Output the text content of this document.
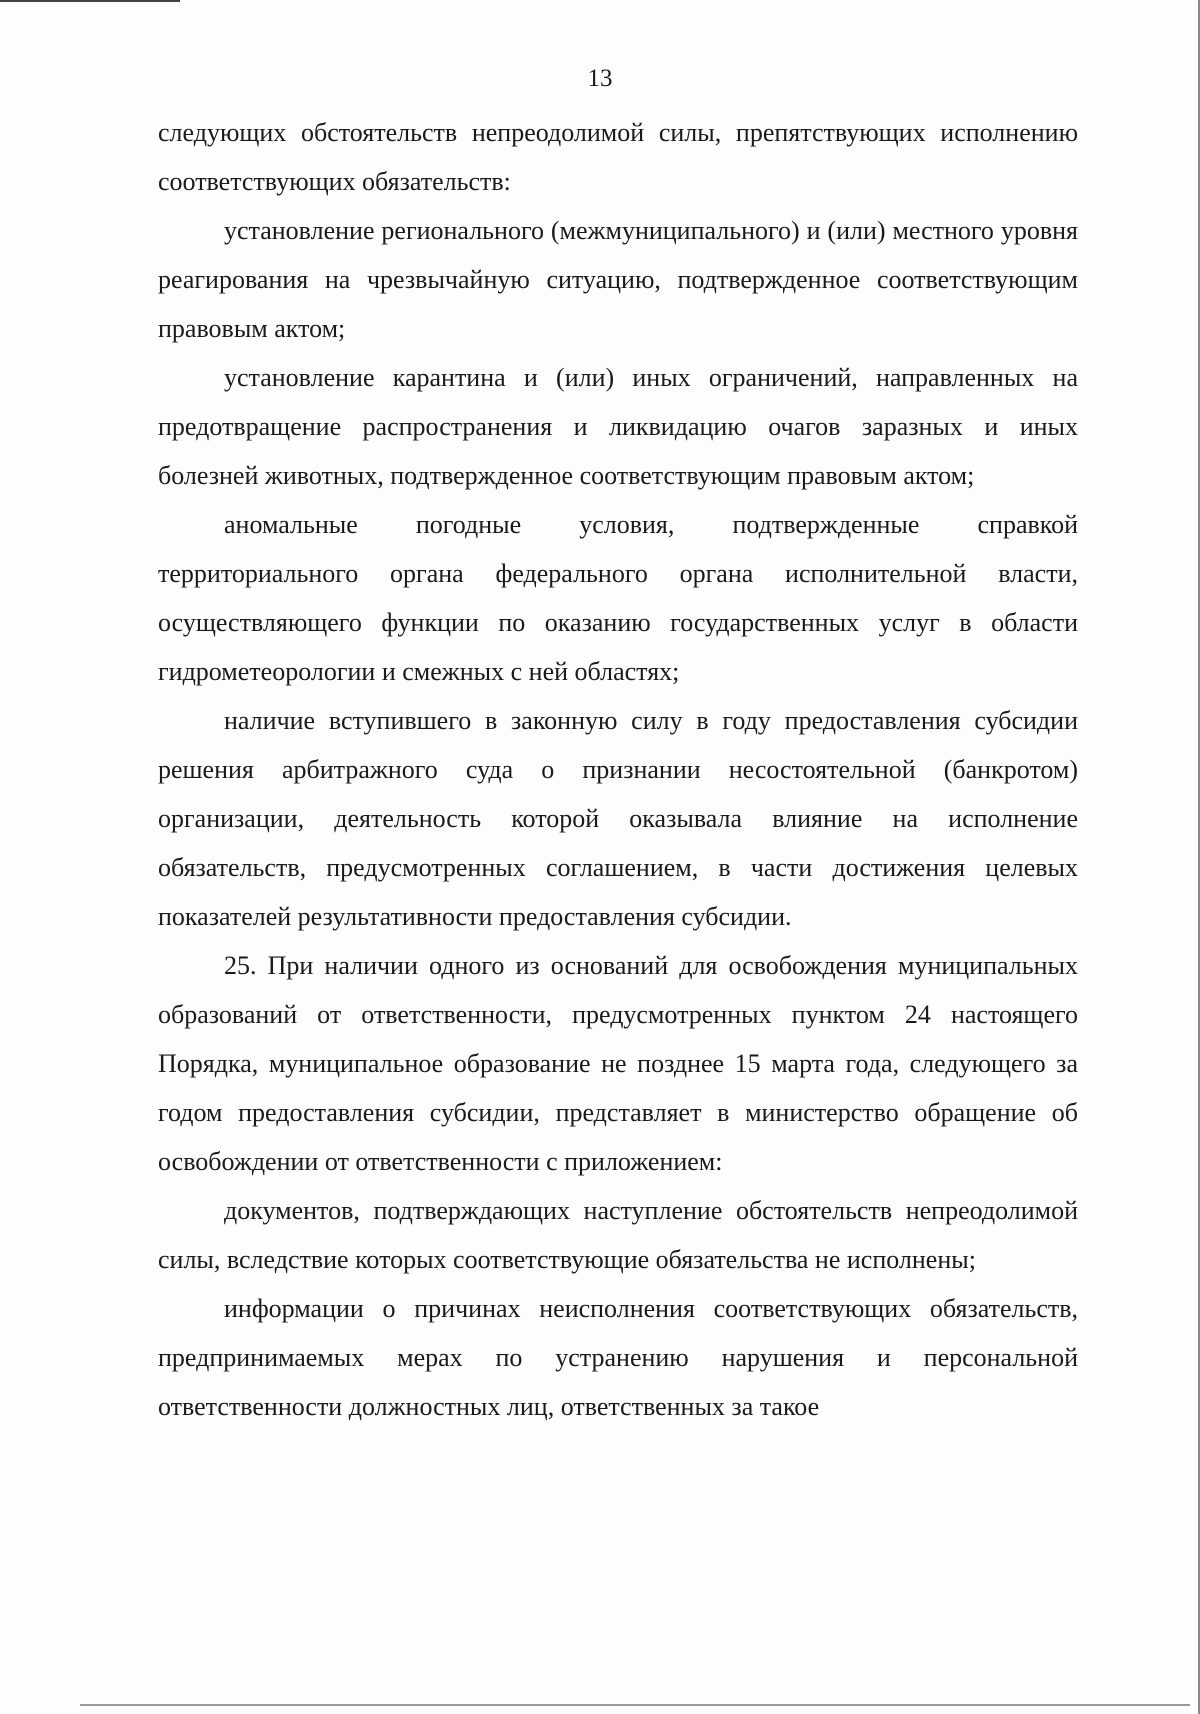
13

следующих обстоятельств непреодолимой силы, препятствующих исполнению соответствующих обязательств:

установление регионального (межмуниципального) и (или) местного уровня реагирования на чрезвычайную ситуацию, подтвержденное соответствующим правовым актом;

установление карантина и (или) иных ограничений, направленных на предотвращение распространения и ликвидацию очагов заразных и иных болезней животных, подтвержденное соответствующим правовым актом;

аномальные погодные условия, подтвержденные справкой территориального органа федерального органа исполнительной власти, осуществляющего функции по оказанию государственных услуг в области гидрометеорологии и смежных с ней областях;

наличие вступившего в законную силу в году предоставления субсидии решения арбитражного суда о признании несостоятельной (банкротом) организации, деятельность которой оказывала влияние на исполнение обязательств, предусмотренных соглашением, в части достижения целевых показателей результативности предоставления субсидии.

25. При наличии одного из оснований для освобождения муниципальных образований от ответственности, предусмотренных пунктом 24 настоящего Порядка, муниципальное образование не позднее 15 марта года, следующего за годом предоставления субсидии, представляет в министерство обращение об освобождении от ответственности с приложением:

документов, подтверждающих наступление обстоятельств непреодолимой силы, вследствие которых соответствующие обязательства не исполнены;

информации о причинах неисполнения соответствующих обязательств, предпринимаемых мерах по устранению нарушения и персональной ответственности должностных лиц, ответственных за такое
